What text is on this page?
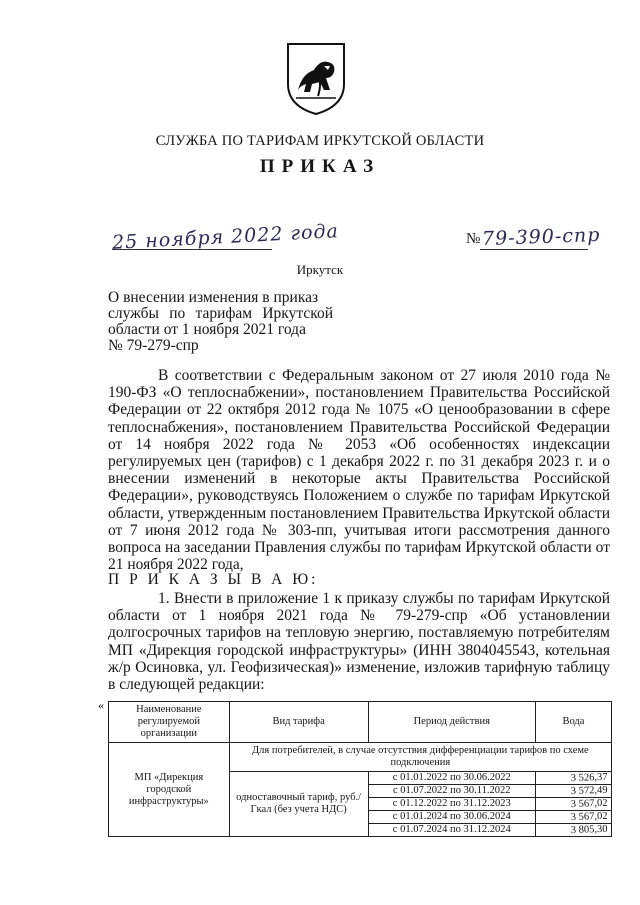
СЛУЖБА ПО ТАРИФАМ ИРКУТСКОЙ ОБЛАСТИ
ПРИКАЗ
25 ноября 2022 года	№ 79-390-спр
Иркутск

О внесении изменения в приказ

службы по тарифам Иркутской области от 1 ноября 2021 года

№ 79-279-спр

В соответствии с Федеральным законом от 27 июля 2010 года № 190-ФЗ «О теплоснабжении», постановлением Правительства Российской Федерации от 22 октября 2012 года № 1075 «О ценообразовании в сфере теплоснабжения», постановлением Правительства Российской Федерации от 14 ноября 2022 года № 2053 «Об особенностях индексации регулируемых цен (тарифов) с 1 декабря 2022 г. по 31 декабря 2023 г. и о внесении изменений в некоторые акты Правительства Российской Федерации», руководствуясь Положением о службе по тарифам Иркутской области, утвержденным постановлением Правительства Иркутской области от 7 июня 2012 года № 303-пп, учитывая итоги рассмотрения данного вопроса на заседании Правления службы по тарифам Иркутской области от 21 ноября 2022 года,

П Р И К А З Ы В А Ю:

1. Внести в приложение 1 к приказу службы по тарифам Иркутской области от 1 ноября 2021 года № 79-279-спр «Об установлении долгосрочных тарифов на тепловую энергию, поставляемую потребителям МП «Дирекция городской инфраструктуры» (ИНН 3804045543, котельная ж/р Осиновка, ул. Геофизическая)» изменение, изложив тарифную таблицу в следующей редакции:

«	Наименование регулируемой организации	Вид тарифа	Период действия	Вода
МП «Дирекция городской инфраструктуры»	Для потребителей, в случае отсутствия дифференциации тарифов по схеме подключения		
	одноставочный тариф, руб./Гкал (без учета НДС)	с 01.01.2022 по 30.06.2022	3 526,37
		с 01.07.2022 по 30.11.2022	3 572,49
		с 01.12.2022 по 31.12.2023	3 567,02
		с 01.01.2024 по 30.06.2024	3 567,02
		с 01.07.2024 по 31.12.2024	3 805,30
